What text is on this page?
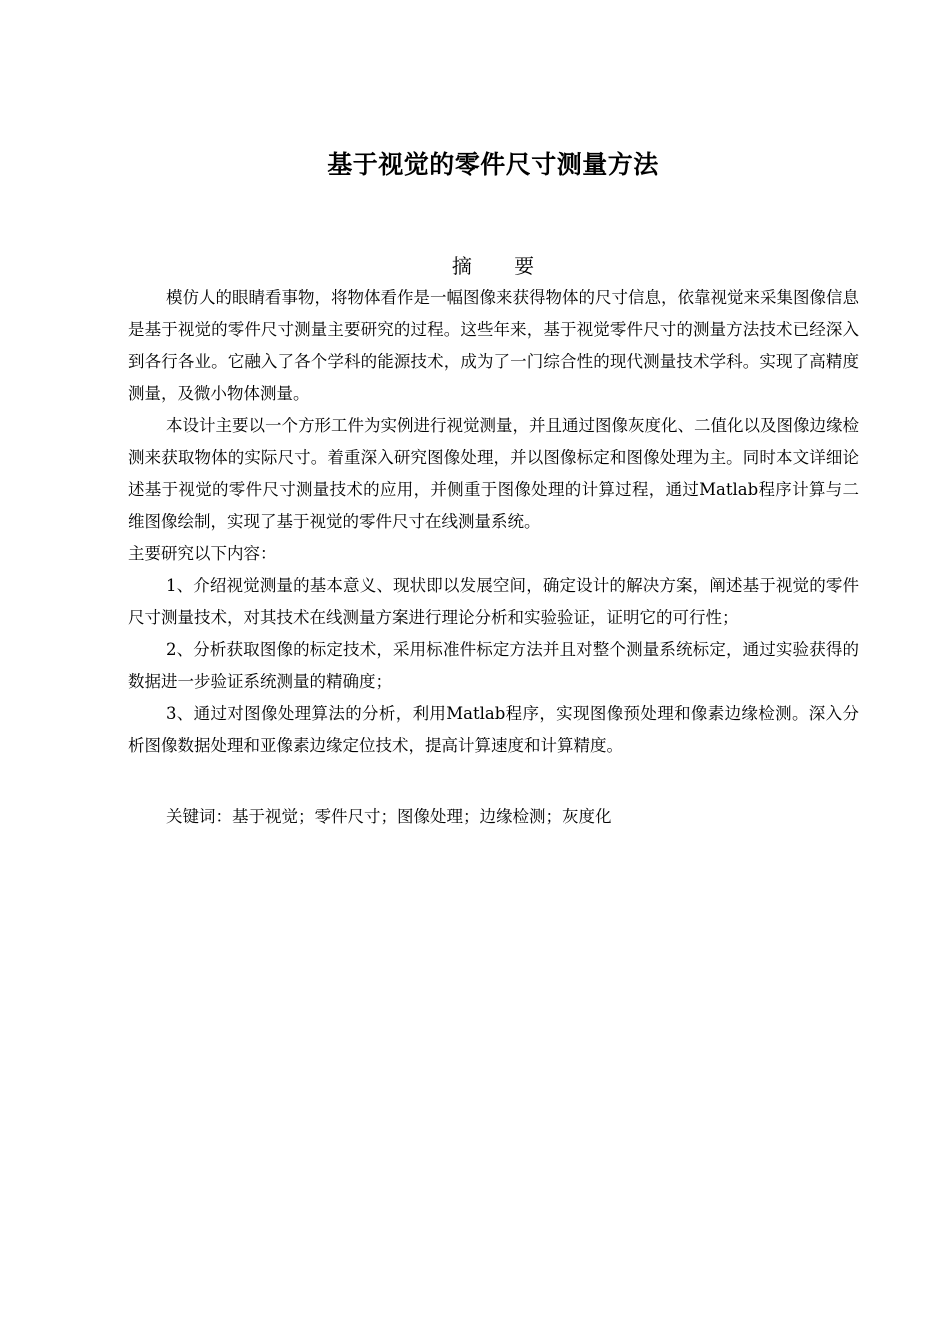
基于视觉的零件尺寸测量方法
摘 要

模仿人的眼睛看事物，将物体看作是一幅图像来获得物体的尺寸信息，依靠视觉来采集图像信息是基于视觉的零件尺寸测量主要研究的过程。这些年来，基于视觉零件尺寸的测量方法技术已经深入到各行各业。它融入了各个学科的能源技术，成为了一门综合性的现代测量技术学科。实现了高精度测量，及微小物体测量。

本设计主要以一个方形工件为实例进行视觉测量，并且通过图像灰度化、二值化以及图像边缘检测来获取物体的实际尺寸。着重深入研究图像处理，并以图像标定和图像处理为主。同时本文详细论述基于视觉的零件尺寸测量技术的应用，并侧重于图像处理的计算过程，通过Matlab程序计算与二维图像绘制，实现了基于视觉的零件尺寸在线测量系统。

主要研究以下内容：

1、介绍视觉测量的基本意义、现状即以发展空间，确定设计的解决方案，阐述基于视觉的零件尺寸测量技术，对其技术在线测量方案进行理论分析和实验验证，证明它的可行性；

2、分析获取图像的标定技术，采用标准件标定方法并且对整个测量系统标定，通过实验获得的数据进一步验证系统测量的精确度；

3、通过对图像处理算法的分析，利用Matlab程序，实现图像预处理和像素边缘检测。深入分析图像数据处理和亚像素边缘定位技术，提高计算速度和计算精度。

关键词：基于视觉；零件尺寸；图像处理；边缘检测；灰度化
